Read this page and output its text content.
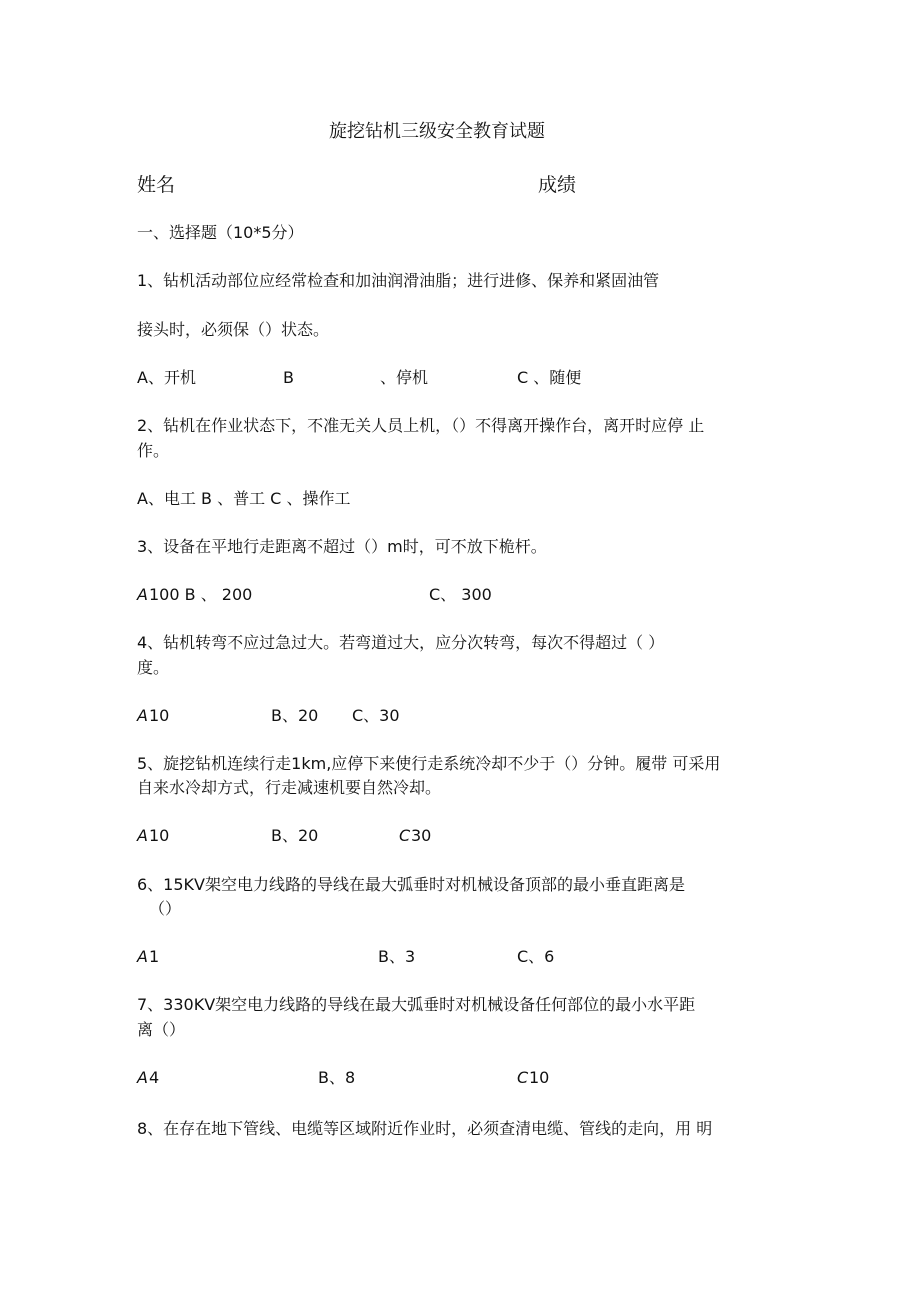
旋挖钻机三级安全教育试题
姓名	成绩
一、选择题（10*5分）
1、钻机活动部位应经常检查和加油润滑油脂；进行进修、保养和紧固油管
接头时，必须保（）状态。
A、开机	B	、停机	C 、随便
2、钻机在作业状态下，不准无关人员上机，（）不得离开操作台，离开时应停 止
作。
A、电工 B 、普工 C 、操作工
3、设备在平地行走距离不超过（）m时，可不放下桅杆。
A 100 B 、 200	C、 300
4、钻机转弯不应过急过大。若弯道过大，应分次转弯，每次不得超过（ ）
度。
A 10	B、20 C、30
5、旋挖钻机连续行走1km,应停下来使行走系统冷却不少于（）分钟。履带 可采用
自来水冷却方式，行走减速机要自然冷却。
A 10	B、20	C 30
6、15KV架空电力线路的导线在最大弧垂时对机械设备顶部的最小垂直距离是
（）
A 1	B、3	C、6
7、330KV架空电力线路的导线在最大弧垂时对机械设备任何部位的最小水平距
离（）
A 4	B、8	C 10
8、在存在地下管线、电缆等区域附近作业时，必须查清电缆、管线的走向，用 明
